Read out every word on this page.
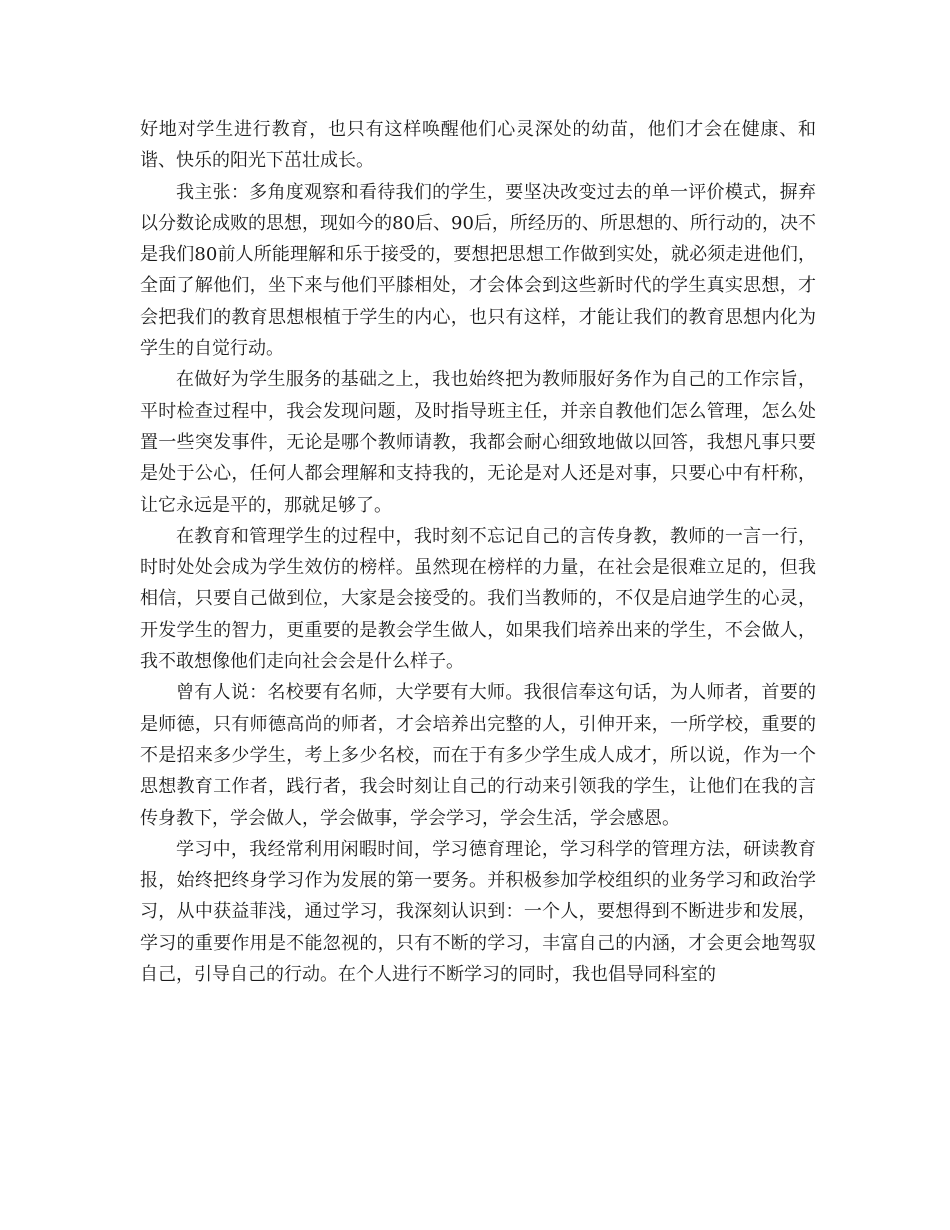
好地对学生进行教育，也只有这样唤醒他们心灵深处的幼苗，他们才会在健康、和谐、快乐的阳光下茁壮成长。

我主张：多角度观察和看待我们的学生，要坚决改变过去的单一评价模式，摒弃以分数论成败的思想，现如今的80后、90后，所经历的、所思想的、所行动的，决不是我们80前人所能理解和乐于接受的，要想把思想工作做到实处，就必须走进他们，全面了解他们，坐下来与他们平膝相处，才会体会到这些新时代的学生真实思想，才会把我们的教育思想根植于学生的内心，也只有这样，才能让我们的教育思想内化为学生的自觉行动。

在做好为学生服务的基础之上，我也始终把为教师服好务作为自己的工作宗旨，平时检查过程中，我会发现问题，及时指导班主任，并亲自教他们怎么管理，怎么处置一些突发事件，无论是哪个教师请教，我都会耐心细致地做以回答，我想凡事只要是处于公心，任何人都会理解和支持我的，无论是对人还是对事，只要心中有杆称，让它永远是平的，那就足够了。

在教育和管理学生的过程中，我时刻不忘记自己的言传身教，教师的一言一行，时时处处会成为学生效仿的榜样。虽然现在榜样的力量，在社会是很难立足的，但我相信，只要自己做到位，大家是会接受的。我们当教师的，不仅是启迪学生的心灵，开发学生的智力，更重要的是教会学生做人，如果我们培养出来的学生，不会做人，我不敢想像他们走向社会会是什么样子。

曾有人说：名校要有名师，大学要有大师。我很信奉这句话，为人师者，首要的是师德，只有师德高尚的师者，才会培养出完整的人，引伸开来，一所学校，重要的不是招来多少学生，考上多少名校，而在于有多少学生成人成才，所以说，作为一个思想教育工作者，践行者，我会时刻让自己的行动来引领我的学生，让他们在我的言传身教下，学会做人，学会做事，学会学习，学会生活，学会感恩。

学习中，我经常利用闲暇时间，学习德育理论，学习科学的管理方法，研读教育报，始终把终身学习作为发展的第一要务。并积极参加学校组织的业务学习和政治学习，从中获益菲浅，通过学习，我深刻认识到：一个人，要想得到不断进步和发展，学习的重要作用是不能忽视的，只有不断的学习，丰富自己的内涵，才会更会地驾驭自己，引导自己的行动。在个人进行不断学习的同时，我也倡导同科室的
